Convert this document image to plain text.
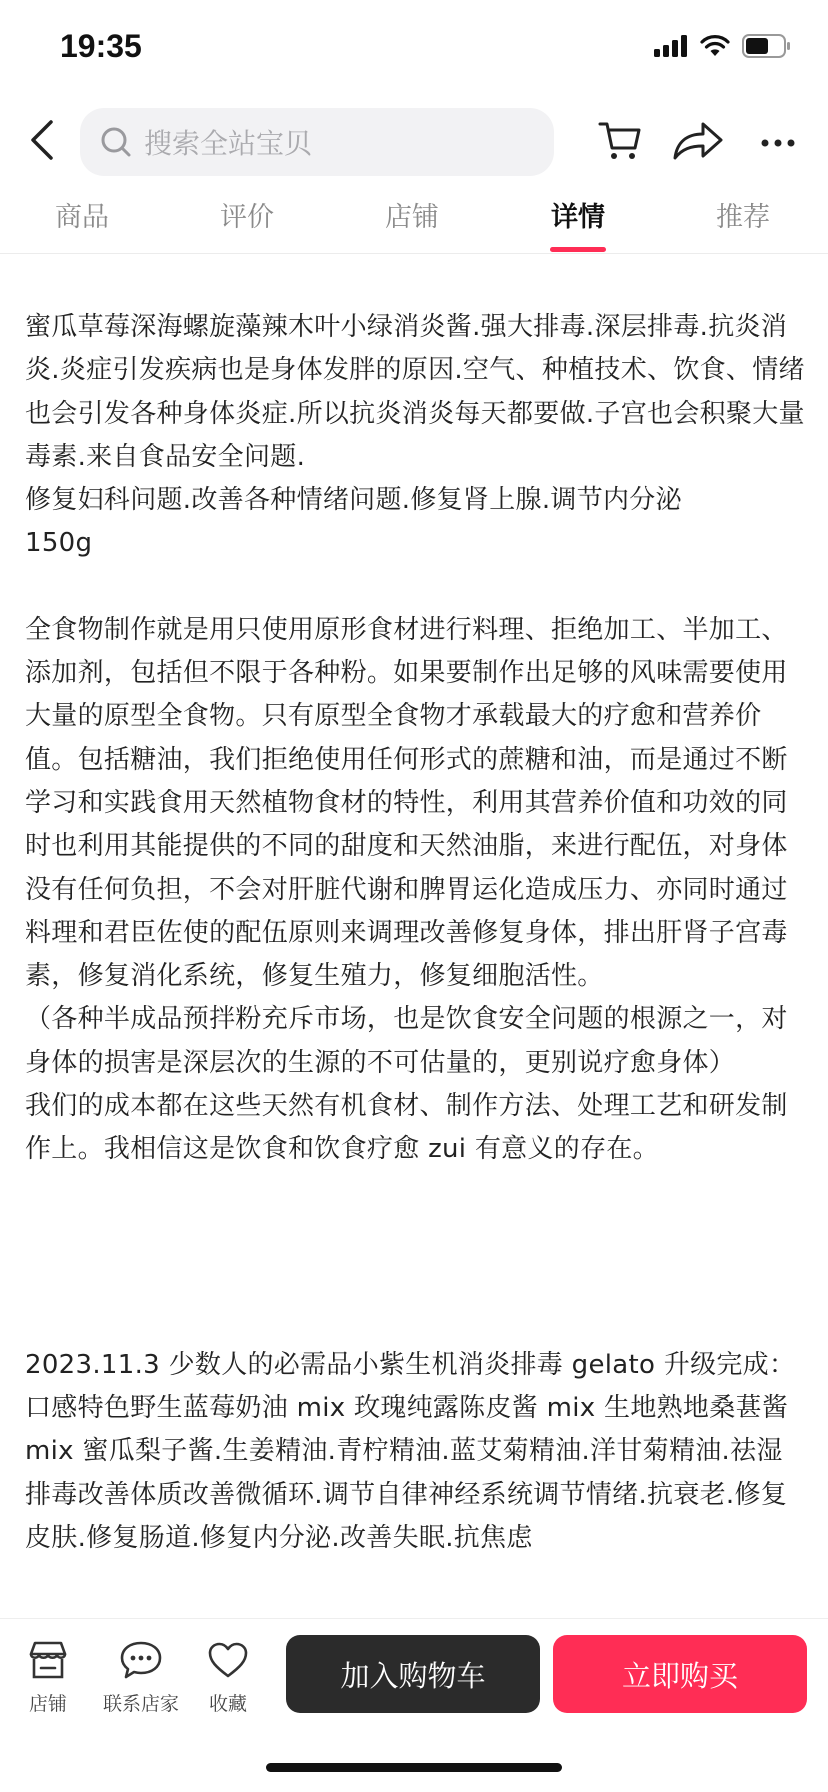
19:35
搜索全站宝贝
商品	评价	店铺	详情	推荐

蜜瓜草莓深海螺旋藻辣木叶小绿消炎酱.强大排毒.深层排毒.抗炎消炎.炎症引发疾病也是身体发胖的原因.空气、种植技术、饮食、情绪也会引发各种身体炎症.所以抗炎消炎每天都要做.子宫也会积聚大量毒素.来自食品安全问题.

修复妇科问题.改善各种情绪问题.修复肾上腺.调节内分泌

150g

全食物制作就是用只使用原形食材进行料理、拒绝加工、半加工、添加剂，包括但不限于各种粉。如果要制作出足够的风味需要使用大量的原型全食物。只有原型全食物才承载最大的疗愈和营养价值。包括糖油，我们拒绝使用任何形式的蔗糖和油，而是通过不断学习和实践食用天然植物食材的特性，利用其营养价值和功效的同时也利用其能提供的不同的甜度和天然油脂，来进行配伍，对身体没有任何负担，不会对肝脏代谢和脾胃运化造成压力、亦同时通过料理和君臣佐使的配伍原则来调理改善修复身体，排出肝肾子宫毒素，修复消化系统，修复生殖力，修复细胞活性。

（各种半成品预拌粉充斥市场，也是饮食安全问题的根源之一，对身体的损害是深层次的生源的不可估量的，更别说疗愈身体）

我们的成本都在这些天然有机食材、制作方法、处理工艺和研发制作上。我相信这是饮食和饮食疗愈 zui 有意义的存在。

2023.11.3 少数人的必需品小紫生机消炎排毒 gelato 升级完成：口感特色野生蓝莓奶油 mix 玫瑰纯露陈皮酱 mix 生地熟地桑葚酱 mix 蜜瓜梨子酱.生姜精油.青柠精油.蓝艾菊精油.洋甘菊精油.祛湿排毒改善体质改善微循环.调节自律神经系统调节情绪.抗衰老.修复皮肤.修复肠道.修复内分泌.改善失眠.抗焦虑

店铺 联系店家 收藏
加入购物车	立即购买
